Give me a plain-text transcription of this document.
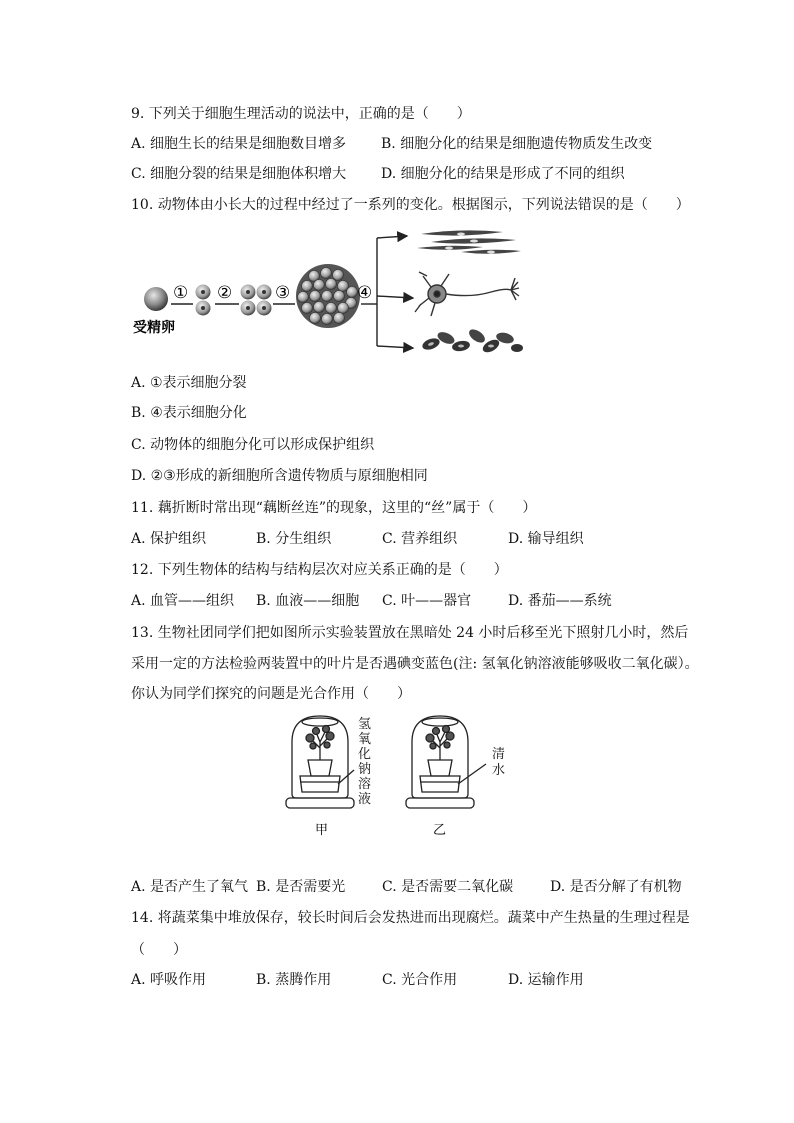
9. 下列关于细胞生理活动的说法中，正确的是（　　）
A. 细胞生长的结果是细胞数目增多 B. 细胞分化的结果是细胞遗传物质发生改变
C. 细胞分裂的结果是细胞体积增大 D. 细胞分化的结果是形成了不同的组织
10. 动物体由小长大的过程中经过了一系列的变化。根据图示，下列说法错误的是（　　）
受精卵
① ②	③	④
A. ①表示细胞分裂
B. ④表示细胞分化
C. 动物体的细胞分化可以形成保护组织
D. ②③形成的新细胞所含遗传物质与原细胞相同
11. 藕折断时常出现“藕断丝连”的现象，这里的“丝”属于（　　）
A. 保护组织	B. 分生组织	C. 营养组织	D. 输导组织
12. 下列生物体的结构与结构层次对应关系正确的是（　　）
A. 血管——组织 B. 血液——细胞 C. 叶——器官	D. 番茄——系统
13. 生物社团同学们把如图所示实验装置放在黑暗处 24 小时后移至光下照射几小时，然后
采用一定的方法检验两装置中的叶片是否遇碘变蓝色(注: 氢氧化钠溶液能够吸收二氧化碳）。
你认为同学们探究的问题是光合作用（　　）
氢
氧
化
钠
溶
液
甲
清
水
乙
A. 是否产生了氧气 B. 是否需要光	C. 是否需要二氧化碳	D. 是否分解了有机物
14. 将蔬菜集中堆放保存，较长时间后会发热进而出现腐烂。蔬菜中产生热量的生理过程是
（　　）
A. 呼吸作用	B. 蒸腾作用	C. 光合作用	D. 运输作用
